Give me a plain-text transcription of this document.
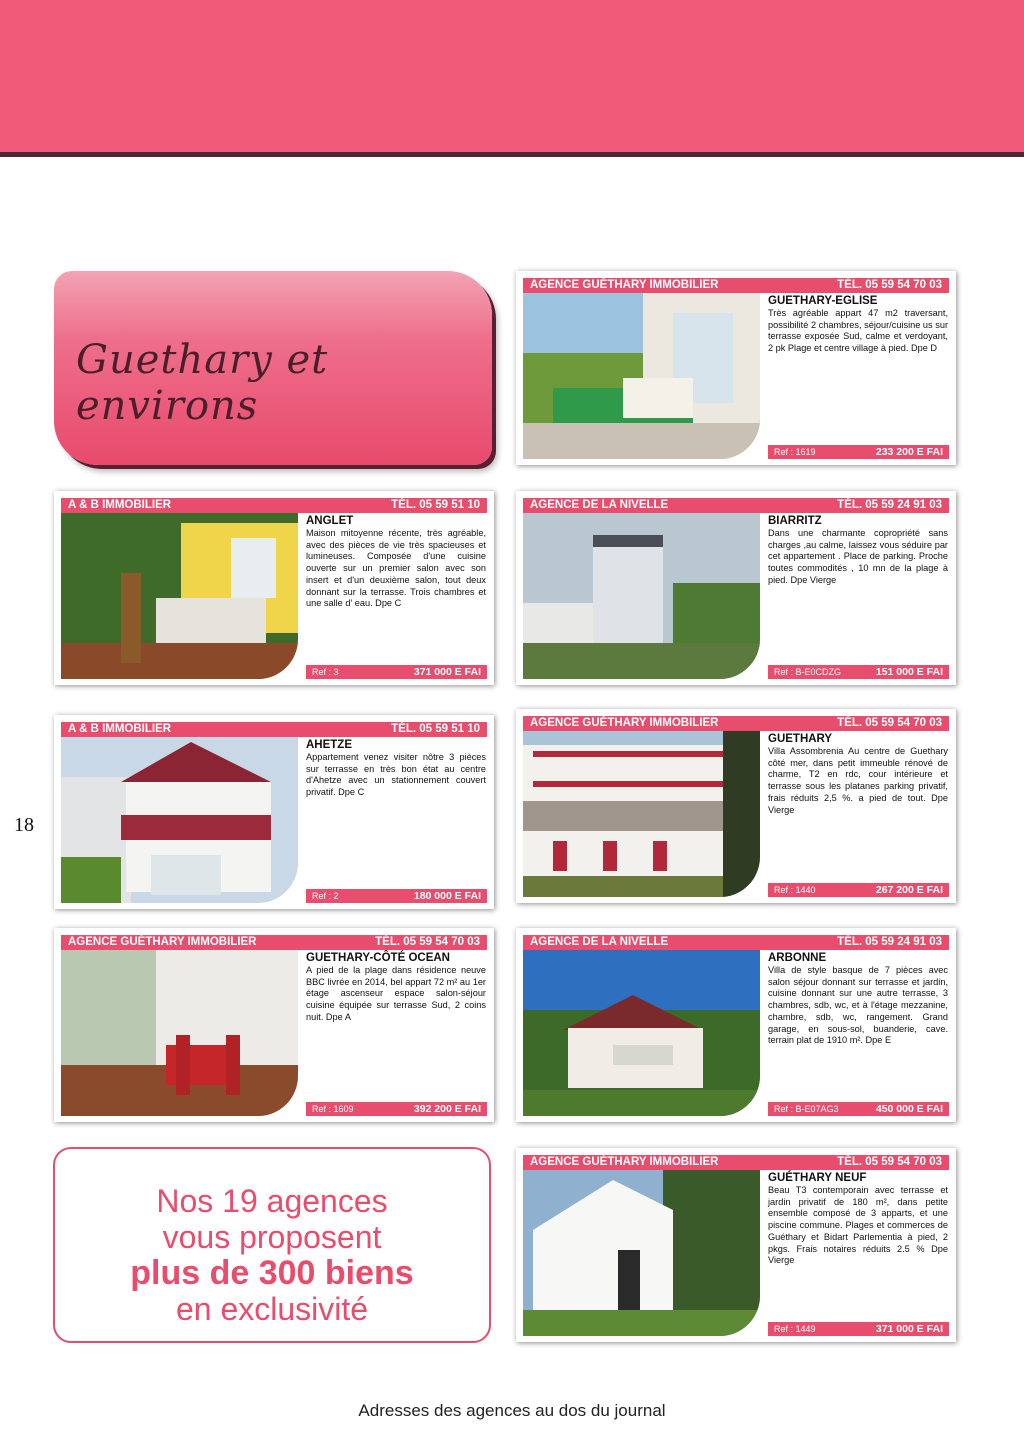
Guethary et environs
AGENCE GUÉTHARY IMMOBILIER	TÉL. 05 59 54 70 03
GUETHARY-EGLISE
Très agréable appart 47 m2 traversant, possibilité 2 chambres, séjour/cuisine us sur terrasse exposée Sud, calme et verdoyant, 2 pk Plage et centre village à pied. Dpe D
Ref : 1619	233 200 E FAI
A & B IMMOBILIER	TÉL. 05 59 51 10
ANGLET
Maison mitoyenne récente, très agréable, avec des pièces de vie très spacieuses et lumineuses. Composée d'une cuisine ouverte sur un premier salon avec son insert et d'un deuxième salon, tout deux donnant sur la terrasse. Trois chambres et une salle d' eau. Dpe C
Ref : 3	371 000 E FAI
AGENCE DE LA NIVELLE	TÉL. 05 59 24 91 03
BIARRITZ
Dans une charmante copropriété sans charges ,au calme, laissez vous séduire par cet appartement . Place de parking. Proche toutes commodités , 10 mn de la plage à pied. Dpe Vierge
Ref : B-E0CDZG	151 000 E FAI
A & B IMMOBILIER	TÉL. 05 59 51 10
AHETZE
Appartement venez visiter nôtre 3 pièces sur terrasse en très bon état au centre d'Ahetze avec un stationnement couvert privatif. Dpe C
Ref : 2	180 000 E FAI
AGENCE GUÉTHARY IMMOBILIER	TÉL. 05 59 54 70 03
GUETHARY
Villa Assombrenia Au centre de Guethary côté mer, dans petit immeuble rénové de charme, T2 en rdc, cour intérieure et terrasse sous les platanes parking privatif, frais réduits 2,5 %. a pied de tout. Dpe Vierge
Ref : 1440	267 200 E FAI
AGENCE GUÉTHARY IMMOBILIER	TÉL. 05 59 54 70 03
GUETHARY-CÔTÉ OCEAN
A pied de la plage dans résidence neuve BBC livrée en 2014, bel appart 72 m² au 1er étage ascenseur espace salon-séjour cuisine équipée sur terrasse Sud, 2 coins nuit. Dpe A
Ref : 1609	392 200 E FAI
AGENCE DE LA NIVELLE	TÉL. 05 59 24 91 03
ARBONNE
Villa de style basque de 7 pièces avec salon séjour donnant sur terrasse et jardin, cuisine donnant sur une autre terrasse, 3 chambres, sdb, wc, et à l'étage mezzanine, chambre, sdb, wc, rangement. Grand garage, en sous-sol, buanderie, cave. terrain plat de 1910 m². Dpe E
Ref : B-E07AG3	450 000 E FAI
AGENCE GUÉTHARY IMMOBILIER	TÉL. 05 59 54 70 03
GUÉTHARY NEUF
Beau T3 contemporain avec terrasse et jardin privatif de 180 m², dans petite ensemble composé de 3 apparts, et une piscine commune. Plages et commerces de Guéthary et Bidart Parlementia à pied, 2 pkgs. Frais notaires réduits 2.5 % Dpe Vierge
Ref : 1449	371 000 E FAI
Nos 19 agences
vous proposent
plus de 300 biens
en exclusivité
18
Adresses des agences au dos du journal
